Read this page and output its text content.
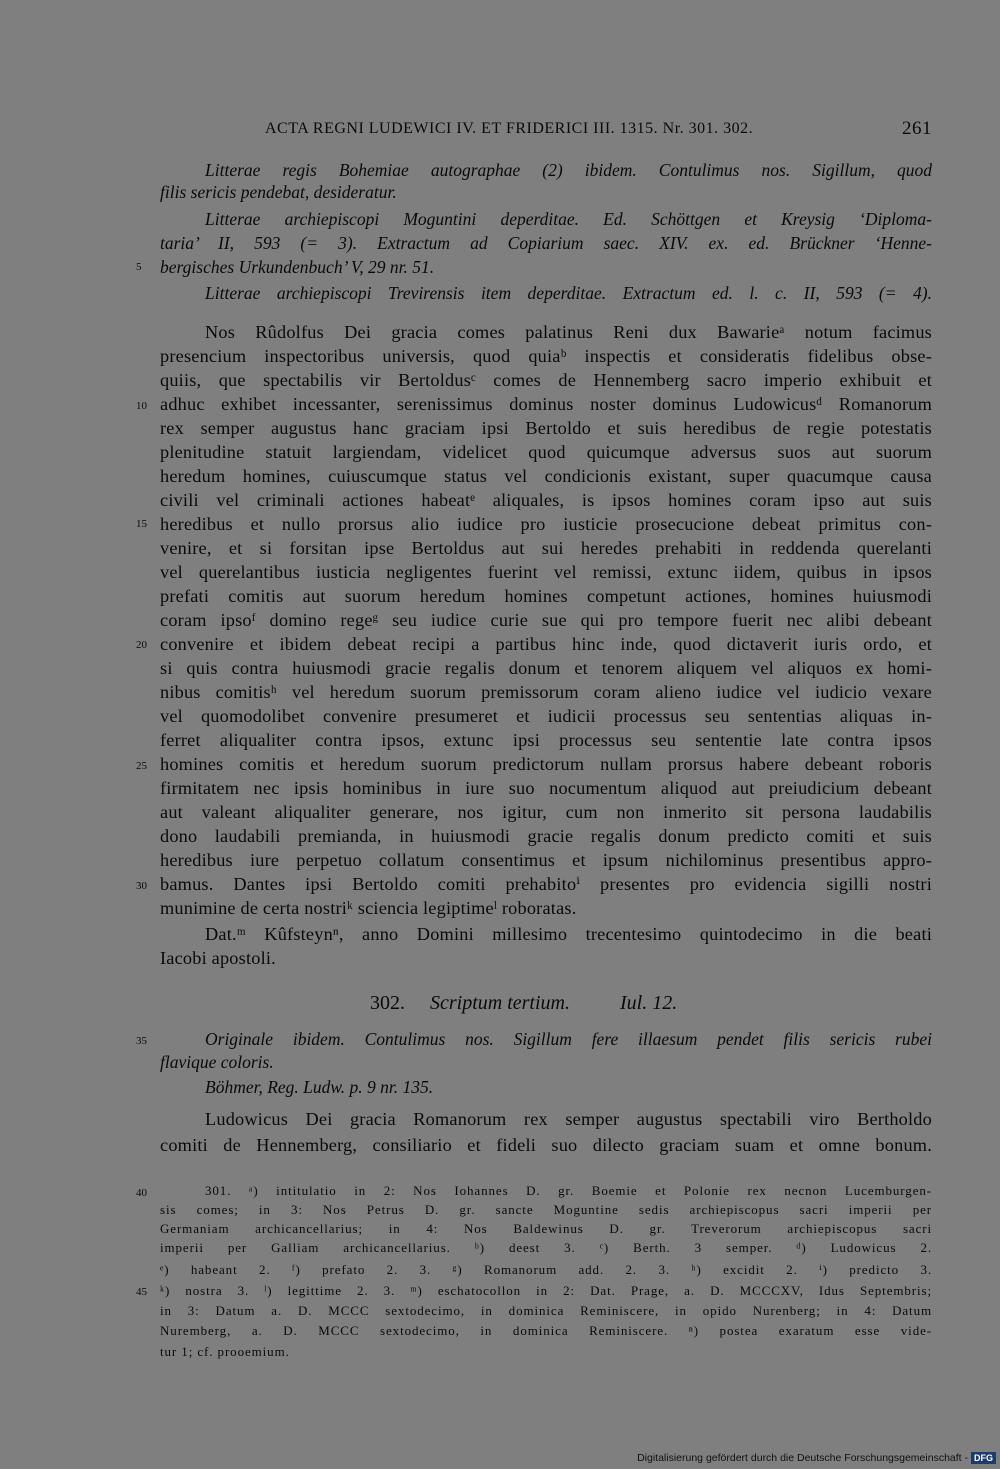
ACTA REGNI LUDEWICI IV. ET FRIDERICI III. 1315. Nr. 301. 302.	261
5
10
15
20
25
30
35
40
45
Litterae regis Bohemiae autographae (2) ibidem. Contulimus nos. Sigillum, quod
filis sericis pendebat, desideratur.
Litterae archiepiscopi Moguntini deperditae. Ed. Schöttgen et Kreysig ‘Diploma-
taria’ II, 593 (= 3). Extractum ad Copiarium saec. XIV. ex. ed. Brückner ‘Henne-
bergisches Urkundenbuch’ V, 29 nr. 51.
Litterae archiepiscopi Trevirensis item deperditae. Extractum ed. l. c. II, 593 (= 4).
Nos Rûdolfus Dei gracia comes palatinus Reni dux Bawarieᵃ notum facimus
presencium inspectoribus universis, quod quiaᵇ inspectis et consideratis fidelibus obse-
quiis, que spectabilis vir Bertoldusᶜ comes de Hennemberg sacro imperio exhibuit et
adhuc exhibet incessanter, serenissimus dominus noster dominus Ludowicusᵈ Romanorum
rex semper augustus hanc graciam ipsi Bertoldo et suis heredibus de regie potestatis
plenitudine statuit largiendam, videlicet quod quicumque adversus suos aut suorum
heredum homines, cuiuscumque status vel condicionis existant, super quacumque causa
civili vel criminali actiones habeatᵉ aliquales, is ipsos homines coram ipso aut suis
heredibus et nullo prorsus alio iudice pro iusticie prosecucione debeat primitus con-
venire, et si forsitan ipse Bertoldus aut sui heredes prehabiti in reddenda querelanti
vel querelantibus iusticia negligentes fuerint vel remissi, extunc iidem, quibus in ipsos
prefati comitis aut suorum heredum homines competunt actiones, homines huiusmodi
coram ipsoᶠ domino regeᵍ seu iudice curie sue qui pro tempore fuerit nec alibi debeant
convenire et ibidem debeat recipi a partibus hinc inde, quod dictaverit iuris ordo, et
si quis contra huiusmodi gracie regalis donum et tenorem aliquem vel aliquos ex homi-
nibus comitisʰ vel heredum suorum premissorum coram alieno iudice vel iudicio vexare
vel quomodolibet convenire presumeret et iudicii processus seu sententias aliquas in-
ferret aliqualiter contra ipsos, extunc ipsi processus seu sententie late contra ipsos
homines comitis et heredum suorum predictorum nullam prorsus habere debeant roboris
firmitatem nec ipsis hominibus in iure suo nocumentum aliquod aut preiudicium debeant
aut valeant aliqualiter generare, nos igitur, cum non inmerito sit persona laudabilis
dono laudabili premianda, in huiusmodi gracie regalis donum predicto comiti et suis
heredibus iure perpetuo collatum consentimus et ipsum nichilominus presentibus appro-
bamus. Dantes ipsi Bertoldo comiti prehabitoⁱ presentes pro evidencia sigilli nostri
munimine de certa nostriᵏ sciencia legiptimeˡ roboratas.
Dat.ᵐ Kûfsteynⁿ, anno Domini millesimo trecentesimo quintodecimo in die beati
Iacobi apostoli.
302. Scriptum tertium.	Iul. 12.
Originale ibidem. Contulimus nos. Sigillum fere illaesum pendet filis sericis rubei
flavique coloris.
Böhmer, Reg. Ludw. p. 9 nr. 135.
Ludowicus Dei gracia Romanorum rex semper augustus spectabili viro Bertholdo
comiti de Hennemberg, consiliario et fideli suo dilecto graciam suam et omne bonum.
301. ᵃ) intitulatio in 2: Nos Iohannes D. gr. Boemie et Polonie rex necnon Lucemburgen-
sis comes; in 3: Nos Petrus D. gr. sancte Moguntine sedis archiepiscopus sacri imperii per
Germaniam archicancellarius; in 4: Nos Baldewinus D. gr. Treverorum archiepiscopus sacri
imperii per Galliam archicancellarius. ᵇ) deest 3. ᶜ) Berth. 3 semper. ᵈ) Ludowicus 2.
ᵉ) habeant 2. ᶠ) prefato 2. 3. ᵍ) Romanorum add. 2. 3. ʰ) excidit 2. ⁱ) predicto 3.
ᵏ) nostra 3. ˡ) legittime 2. 3. ᵐ) eschatocollon in 2: Dat. Prage, a. D. MCCCXV, Idus Septembris;
in 3: Datum a. D. MCCC sextodecimo, in dominica Reminiscere, in opido Nurenberg; in 4: Datum
Nuremberg, a. D. MCCC sextodecimo, in dominica Reminiscere. ⁿ) postea exaratum esse vide-
tur 1; cf. prooemium.
Digitalisierung gefördert durch die Deutsche Forschungsgemeinschaft - DFG
